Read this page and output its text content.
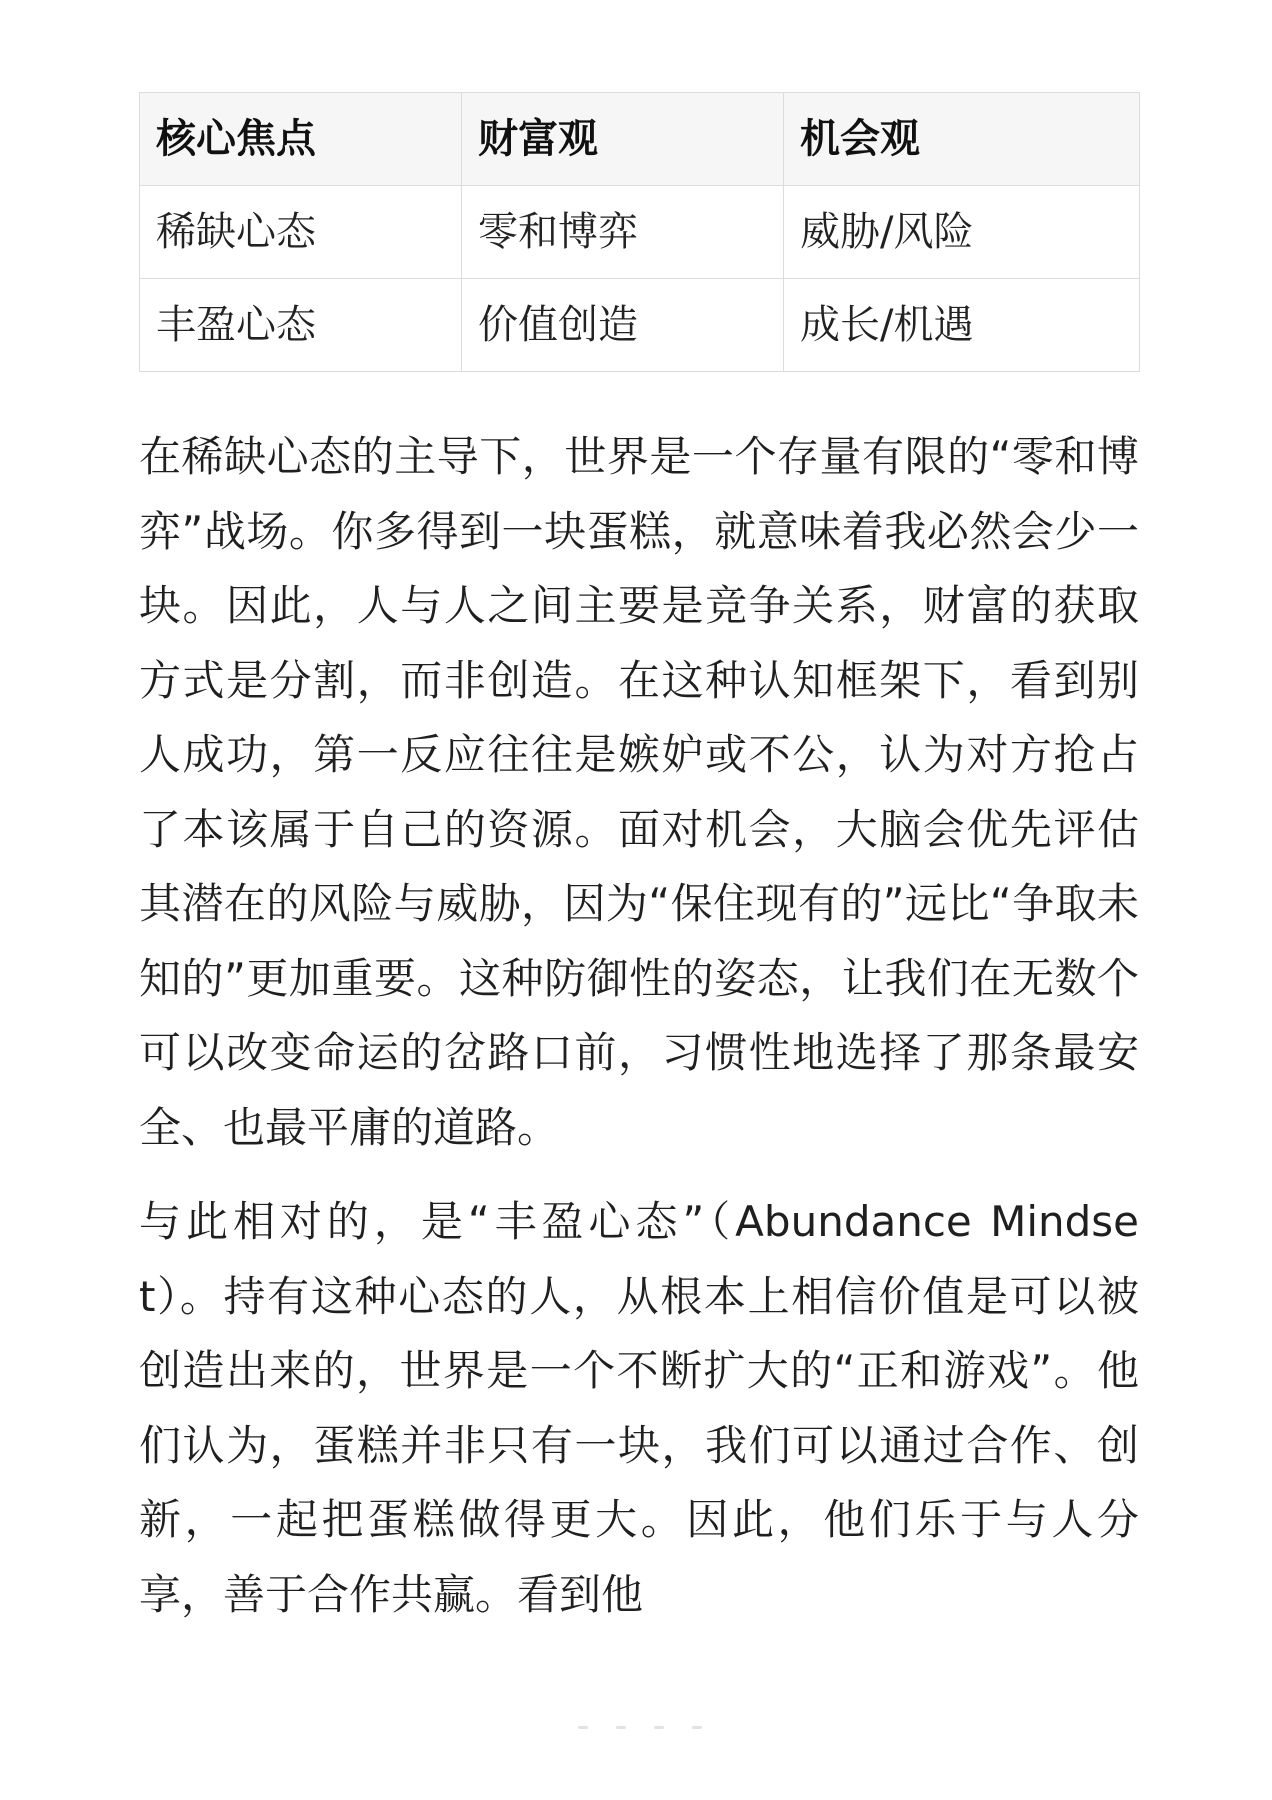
核心焦点	财富观	机会观
稀缺心态	零和博弈	威胁/风险
丰盈心态	价值创造	成长/机遇

在稀缺心态的主导下，世界是一个存量有限的“零和博弈”战场。你多得到一块蛋糕，就意味着我必然会少一块。因此，人与人之间主要是竞争关系，财富的获取方式是分割，而非创造。在这种认知框架下，看到别人成功，第一反应往往是嫉妒或不公，认为对方抢占了本该属于自己的资源。面对机会，大脑会优先评估其潜在的风险与威胁，因为“保住现有的”远比“争取未知的”更加重要。这种防御性的姿态，让我们在无数个可以改变命运的岔路口前，习惯性地选择了那条最安全、也最平庸的道路。

与此相对的，是“丰盈心态”（Abundance Mindset）。持有这种心态的人，从根本上相信价值是可以被创造出来的，世界是一个不断扩大的“正和游戏”。他们认为，蛋糕并非只有一块，我们可以通过合作、创新，一起把蛋糕做得更大。因此，他们乐于与人分享，善于合作共赢。看到他
